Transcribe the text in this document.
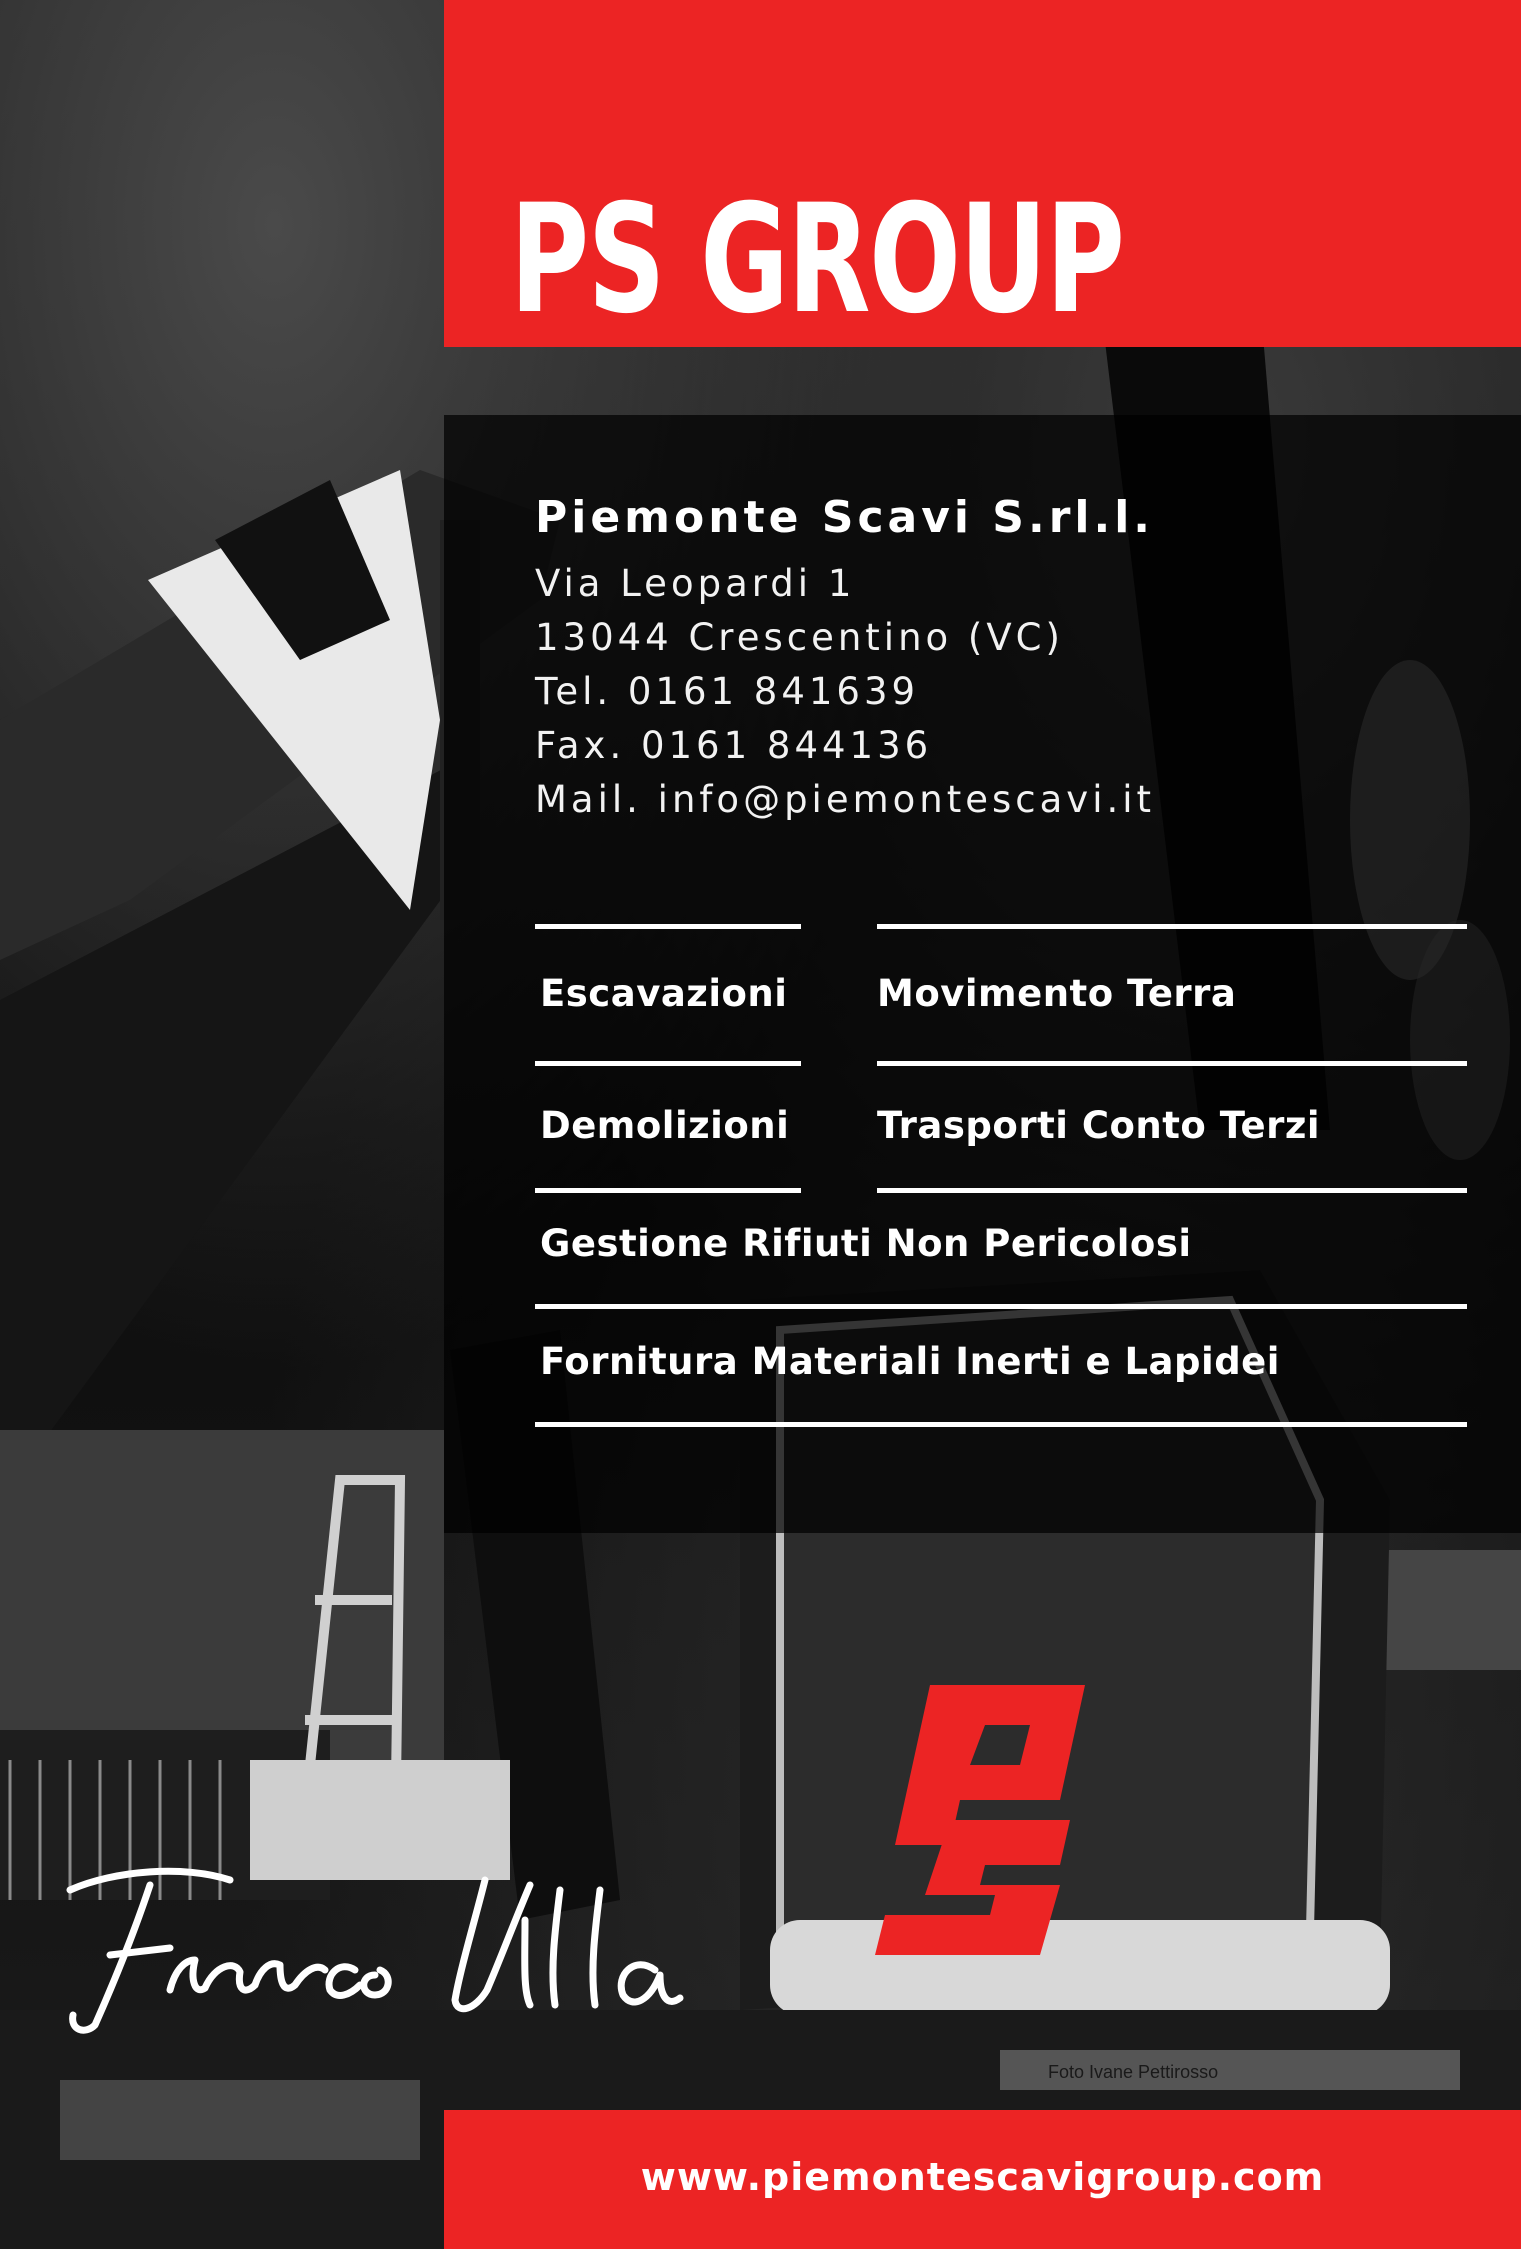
PS GROUP
Piemonte Scavi S.rl.l.
Via Leopardi 1
13044 Crescentino (VC)
Tel. 0161 841639
Fax. 0161 844136
Mail. info@piemontescavi.it
Escavazioni Movimento Terra
Demolizioni Trasporti Conto Terzi
Gestione Rifiuti Non Pericolosi
Fornitura Materiali Inerti e Lapidei
Foto Ivane Pettirosso
www.piemontescavigroup.com
